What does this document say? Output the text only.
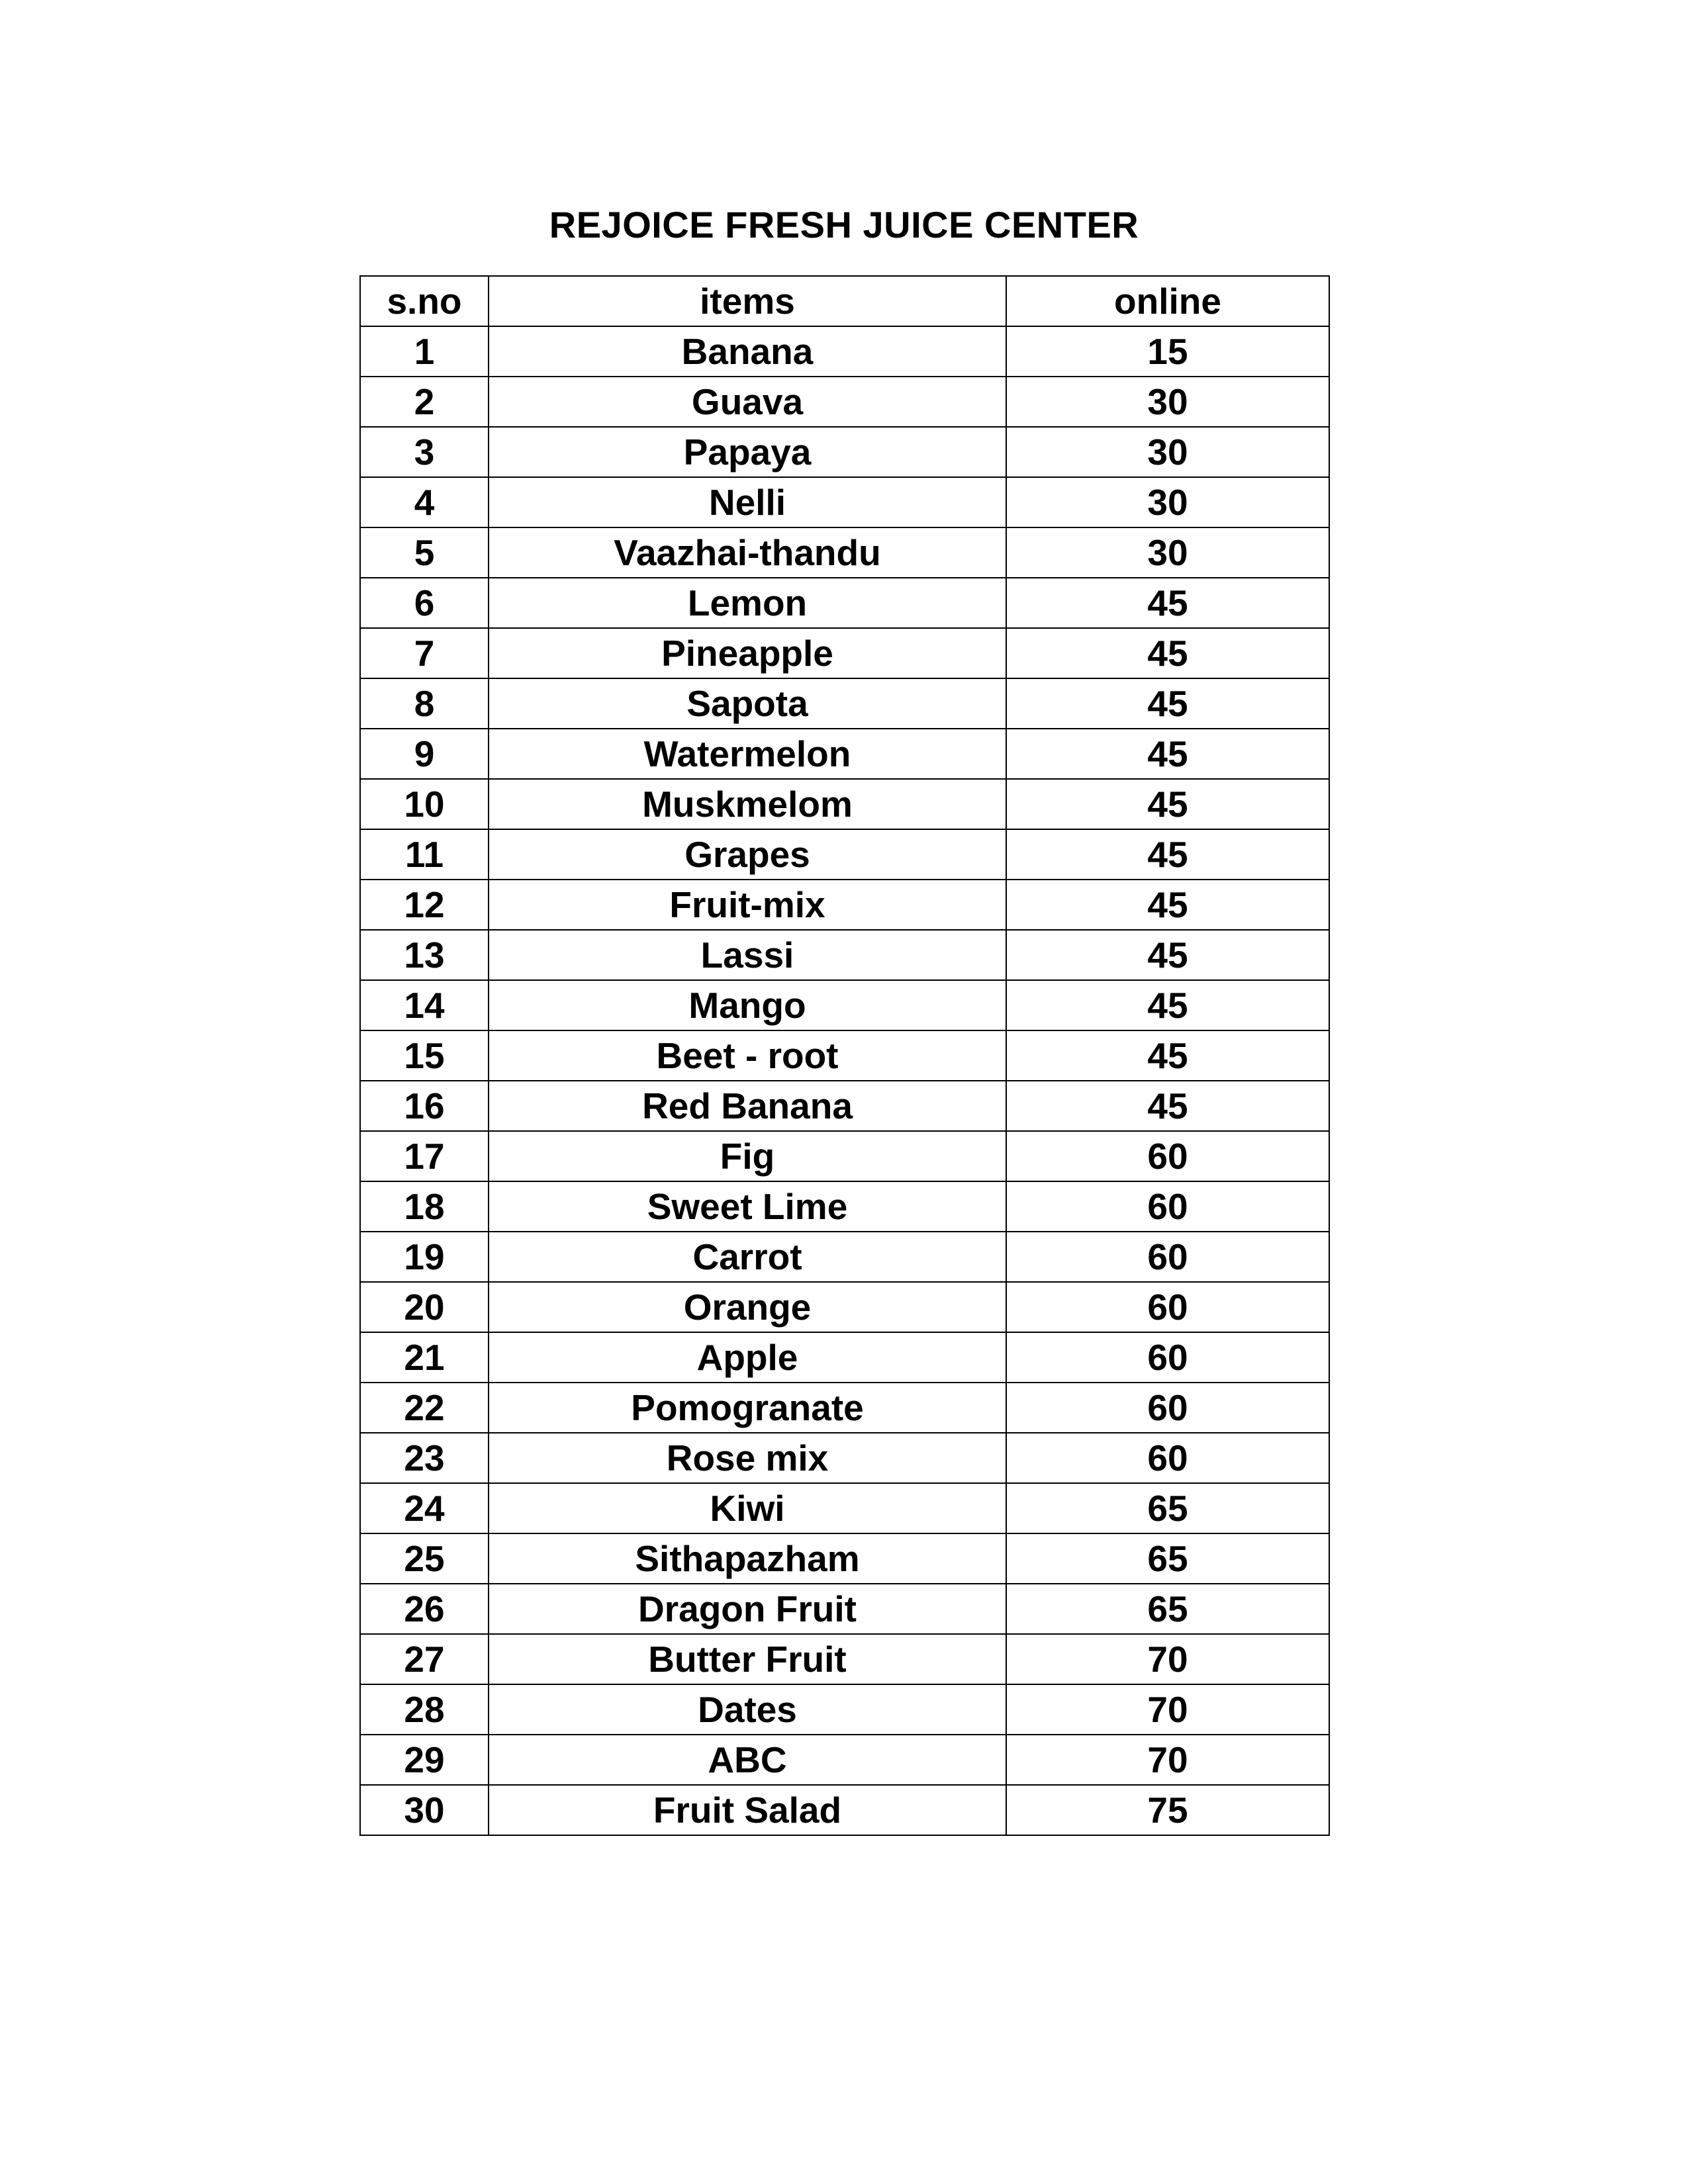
REJOICE FRESH JUICE CENTER
s.no	items	online
1	Banana	15
2	Guava	30
3	Papaya	30
4	Nelli	30
5	Vaazhai-thandu	30
6	Lemon	45
7	Pineapple	45
8	Sapota	45
9	Watermelon	45
10	Muskmelom	45
11	Grapes	45
12	Fruit-mix	45
13	Lassi	45
14	Mango	45
15	Beet - root	45
16	Red Banana	45
17	Fig	60
18	Sweet Lime	60
19	Carrot	60
20	Orange	60
21	Apple	60
22	Pomogranate	60
23	Rose mix	60
24	Kiwi	65
25	Sithapazham	65
26	Dragon Fruit	65
27	Butter Fruit	70
28	Dates	70
29	ABC	70
30	Fruit Salad	75
